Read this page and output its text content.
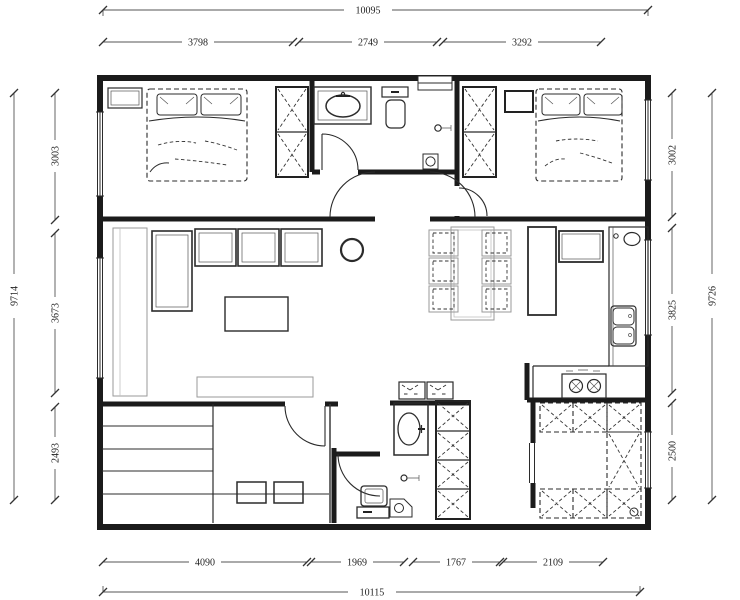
10095
3798	2749	3292
4090	1969	1767	2109
10115
9714
3003
3673
2493
3002
3825
2500
9726
